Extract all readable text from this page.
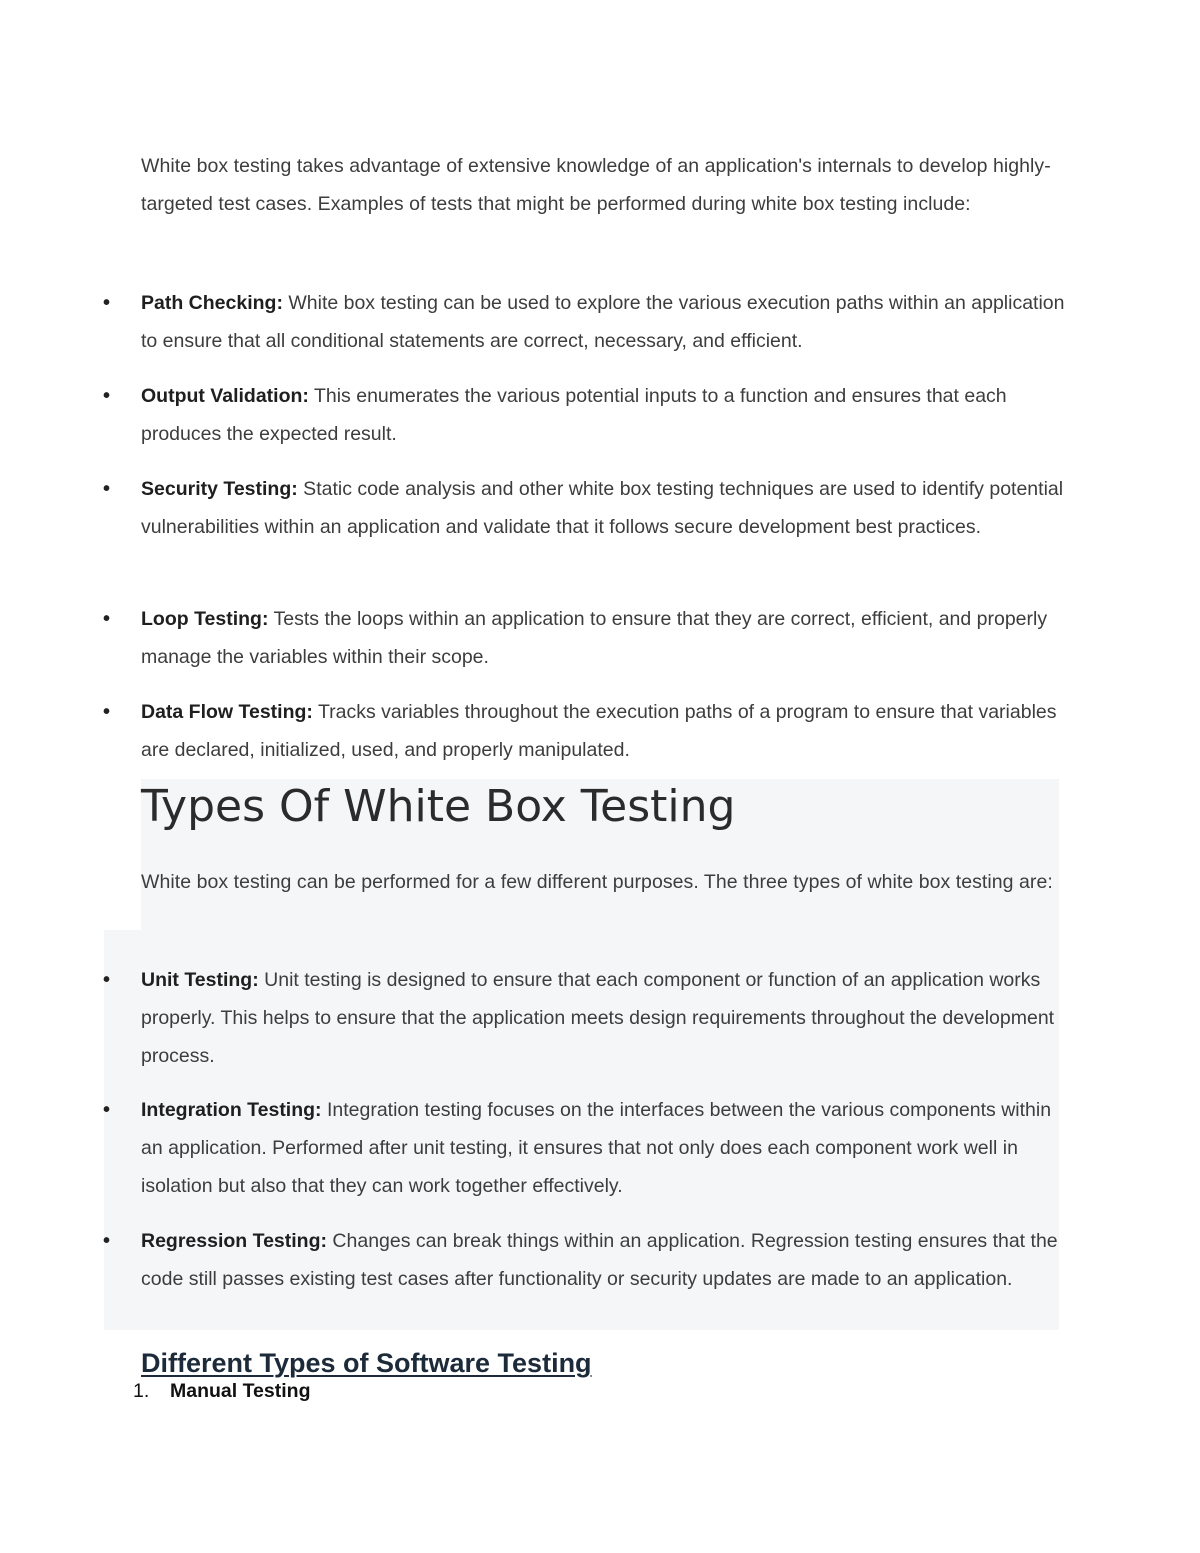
White box testing takes advantage of extensive knowledge of an application's internals to develop highly-targeted test cases. Examples of tests that might be performed during white box testing include:

• Path Checking: White box testing can be used to explore the various execution paths within an application to ensure that all conditional statements are correct, necessary, and efficient.
• Output Validation: This enumerates the various potential inputs to a function and ensures that each produces the expected result.
• Security Testing: Static code analysis and other white box testing techniques are used to identify potential vulnerabilities within an application and validate that it follows secure development best practices.
• Loop Testing: Tests the loops within an application to ensure that they are correct, efficient, and properly manage the variables within their scope.
• Data Flow Testing: Tracks variables throughout the execution paths of a program to ensure that variables are declared, initialized, used, and properly manipulated.
Types Of White Box Testing

White box testing can be performed for a few different purposes. The three types of white box testing are:

• Unit Testing: Unit testing is designed to ensure that each component or function of an application works properly. This helps to ensure that the application meets design requirements throughout the development process.
• Integration Testing: Integration testing focuses on the interfaces between the various components within an application. Performed after unit testing, it ensures that not only does each component work well in isolation but also that they can work together effectively.
• Regression Testing: Changes can break things within an application. Regression testing ensures that the code still passes existing test cases after functionality or security updates are made to an application.
Different Types of Software Testing
1. Manual Testing
